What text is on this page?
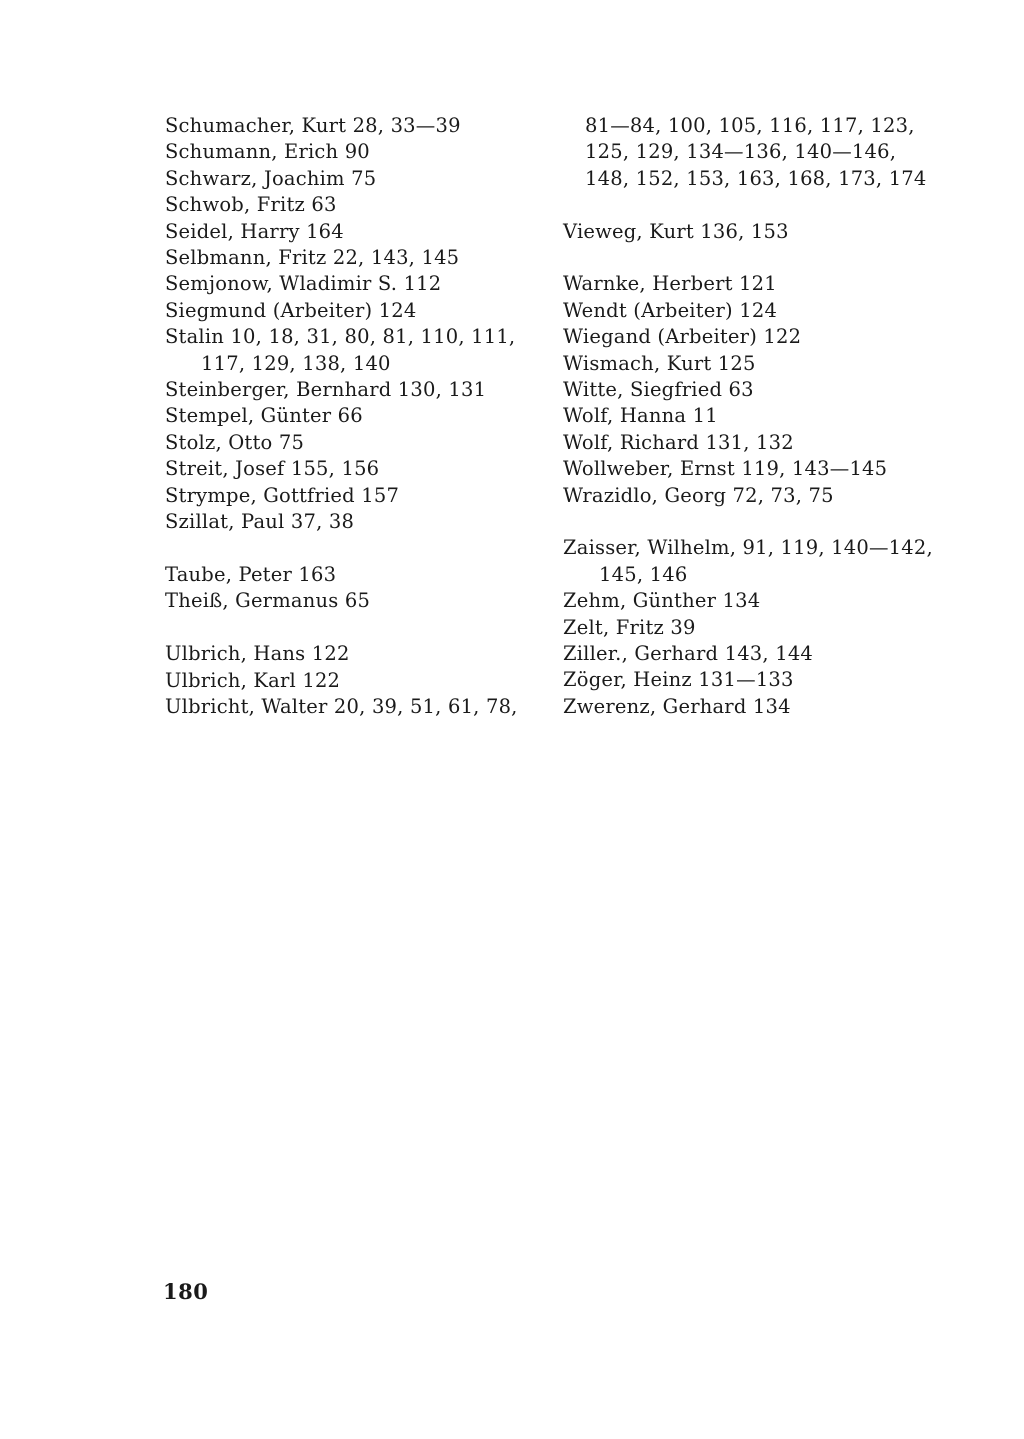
Schumacher, Kurt 28, 33—39
Schumann, Erich 90
Schwarz, Joachim 75
Schwob, Fritz 63
Seidel, Harry 164
Selbmann, Fritz 22, 143, 145
Semjonow, Wladimir S. 112
Siegmund (Arbeiter) 124
Stalin 10, 18, 31, 80, 81, 110, 111, 117, 129, 138, 140
Steinberger, Bernhard 130, 131
Stempel, Günter 66
Stolz, Otto 75
Streit, Josef 155, 156
Strympe, Gottfried 157
Szillat, Paul 37, 38
Taube, Peter 163
Theiß, Germanus 65
Ulbrich, Hans 122
Ulbrich, Karl 122
Ulbricht, Walter 20, 39, 51, 61, 78,
81—84, 100, 105, 116, 117, 123, 125, 129, 134—136, 140—146, 148, 152, 153, 163, 168, 173, 174
Vieweg, Kurt 136, 153
Warnke, Herbert 121
Wendt (Arbeiter) 124
Wiegand (Arbeiter) 122
Wismach, Kurt 125
Witte, Siegfried 63
Wolf, Hanna 11
Wolf, Richard 131, 132
Wollweber, Ernst 119, 143—145
Wrazidlo, Georg 72, 73, 75
Zaisser, Wilhelm, 91, 119, 140—142, 145, 146
Zehm, Günther 134
Zelt, Fritz 39
Ziller., Gerhard 143, 144
Zöger, Heinz 131—133
Zwerenz, Gerhard 134
180
